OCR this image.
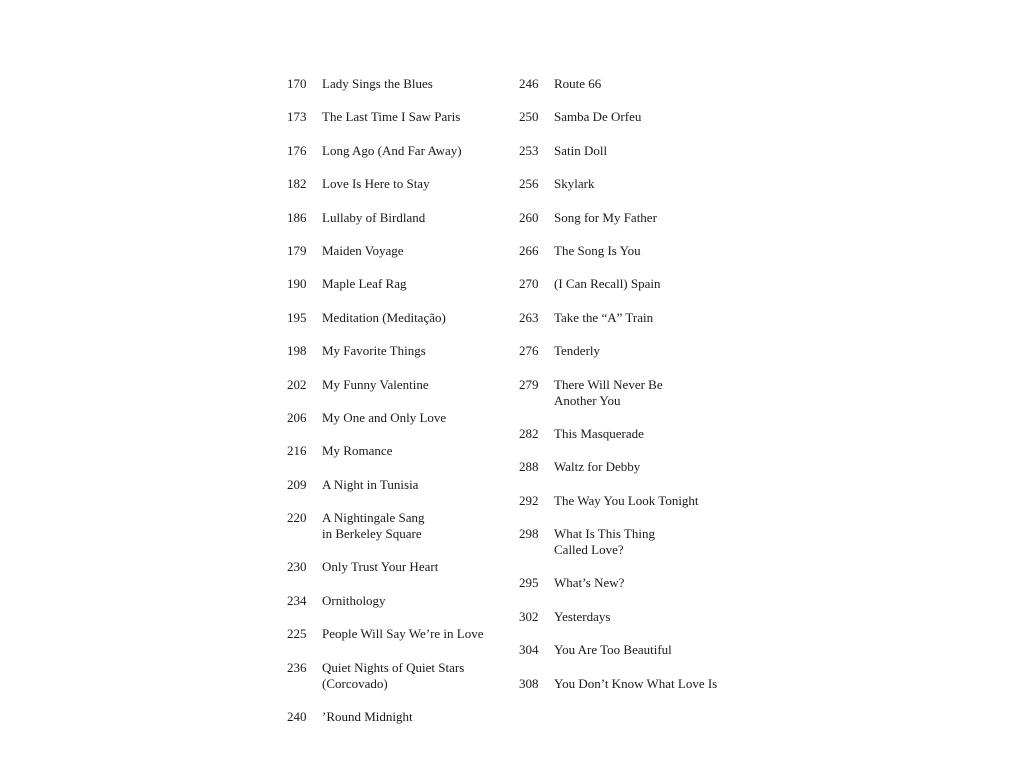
170	Lady Sings the Blues
173	The Last Time I Saw Paris
176	Long Ago (And Far Away)
182	Love Is Here to Stay
186	Lullaby of Birdland
179	Maiden Voyage
190	Maple Leaf Rag
195	Meditation (Meditação)
198	My Favorite Things
202	My Funny Valentine
206	My One and Only Love
216	My Romance
209	A Night in Tunisia
220	A Nightingale Sang
in Berkeley Square
230	Only Trust Your Heart
234	Ornithology
225	People Will Say We’re in Love
236	Quiet Nights of Quiet Stars
(Corcovado)
240	’Round Midnight
246	Route 66
250	Samba De Orfeu
253	Satin Doll
256	Skylark
260	Song for My Father
266	The Song Is You
270	(I Can Recall) Spain
263	Take the “A” Train
276	Tenderly
279	There Will Never Be
Another You
282	This Masquerade
288	Waltz for Debby
292	The Way You Look Tonight
298	What Is This Thing
Called Love?
295	What’s New?
302	Yesterdays
304	You Are Too Beautiful
308	You Don’t Know What Love Is
